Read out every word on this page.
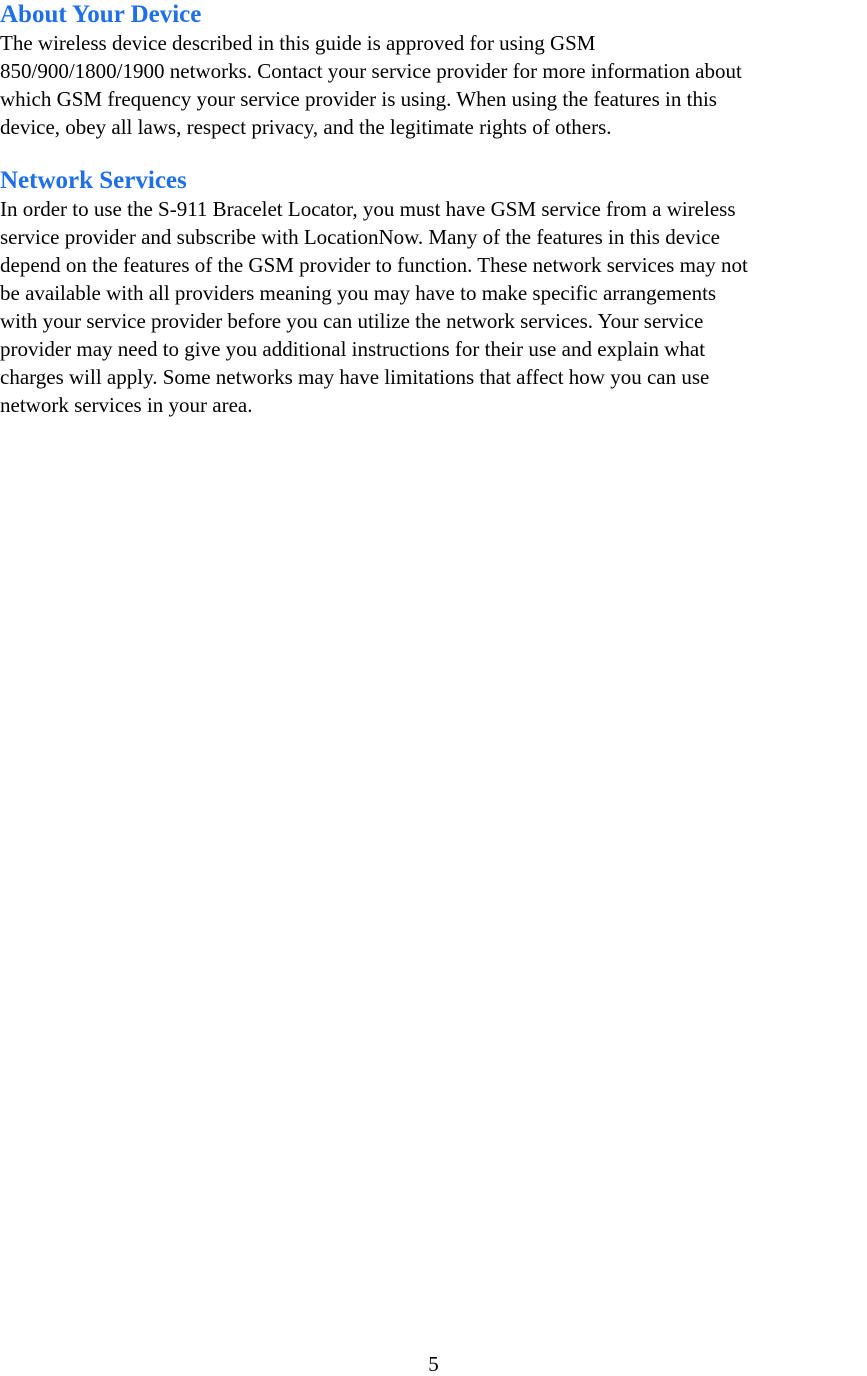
About Your Device

The wireless device described in this guide is approved for using GSM
850/900/1800/1900 networks. Contact your service provider for more information about
which GSM frequency your service provider is using. When using the features in this
device, obey all laws, respect privacy, and the legitimate rights of others.

Network Services

In order to use the S-911 Bracelet Locator, you must have GSM service from a wireless
service provider and subscribe with LocationNow. Many of the features in this device
depend on the features of the GSM provider to function. These network services may not
be available with all providers meaning you may have to make specific arrangements
with your service provider before you can utilize the network services. Your service
provider may need to give you additional instructions for their use and explain what
charges will apply. Some networks may have limitations that affect how you can use
network services in your area.

5
